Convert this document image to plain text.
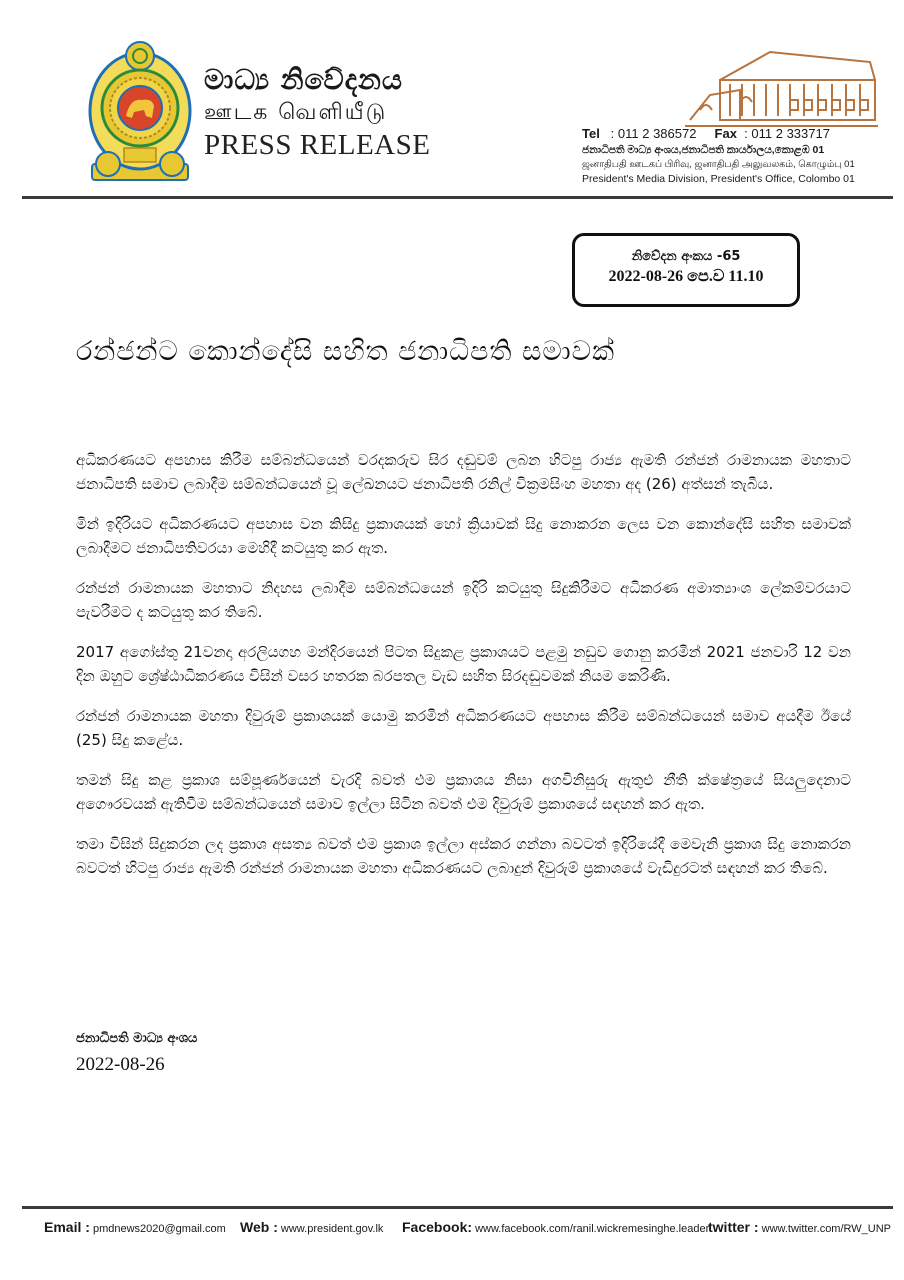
මාධ්‍ය නිවේදනය
ஊடக வெளியீடு
PRESS RELEASE	Tel : 011 2 386572 Fax : 011 2 333717
ජනාධිපති මාධ්‍ය අංශය,ජනාධිපති කාර්යාලය,කොළඹ 01
ஜனாதிபதி ஊடகப் பிரிவு, ஜனாதிபதி அலுவலகம், கொழும்பு 01
President's Media Division, President's Office, Colombo 01
නිවේදන අංකය -65
2022-08-26 පෙ.ව 11.10
රන්ජන්ට කොන්දේසි සහිත ජනාධිපති සමාවක්

අධිකරණයට අපහාස කිරීම සම්බන්ධයෙන් වරදකරුව සිර දඬුවම් ලබන හිටපු රාජ්‍ය ඇමති රන්ජන් රාමනායක මහතාට ජනාධිපති සමාව ලබාදීම සම්බන්ධයෙන් වූ ලේඛනයට ජනාධිපති රනිල් වික්‍රමසිංහ මහතා අද (26) අත්සන් තැබීය.

මින් ඉදිරියට අධිකරණයට අපහාස වන කිසිදු ප්‍රකාශයක් හෝ ක්‍රියාවක් සිදු නොකරන ලෙස වන කොන්දේසි සහිත සමාවක් ලබාදීමට ජනාධිපතිවරයා මෙහිදී කටයුතු කර ඇත.

රන්ජන් රාමනායක මහතාට නිදහස ලබාදීම සම්බන්ධයෙන් ඉදිරි කටයුතු සිදුකිරීමට අධිකරණ අමාත්‍යාංශ ලේකම්වරයාට පැවරීමට ද කටයුතු කර තිබේ.

2017 අගෝස්තු 21වනදා අරලියගහ මන්දිරයෙන් පිටත සිදුකළ ප්‍රකාශයට පළමු නඩුව ගොනු කරමින් 2021 ජනවාරි 12 වන දින ඔහුට ශ්‍රේෂ්ඨාධිකරණය විසින් වසර හතරක බරපතල වැඩ සහිත සිරදඬුවමක් නියම කෙරිණි.

රන්ජන් රාමනායක මහතා දිවුරුම් ප්‍රකාශයක් යොමු කරමින් අධිකරණයට අපහාස කිරීම සම්බන්ධයෙන් සමාව අයදීම ඊයේ (25) සිදු කළේය.

තමන් සිදු කළ ප්‍රකාශ සම්පූර්ණයෙන් වැරදි බවත් එම ප්‍රකාශය නිසා අගවිනිසුරු ඇතුළු නීති ක්ෂේත්‍රයේ සියලුදෙනාට අගෞරවයක් ඇතිවීම සම්බන්ධයෙන් සමාව ඉල්ලා සිටින බවත් එම දිවුරුම් ප්‍රකාශයේ සඳහන් කර ඇත.

තමා විසින් සිදුකරන ලද ප්‍රකාශ අසත්‍ය බවත් එම ප්‍රකාශ ඉල්ලා අස්කර ගන්නා බවටත් ඉදිරියේදී මෙවැනි ප්‍රකාශ සිදු නොකරන බවටත් හිටපු රාජ්‍ය ඇමති රන්ජන් රාමනායක මහතා අධිකරණයට ලබාදුන් දිවුරුම් ප්‍රකාශයේ වැඩිදුරටත් සඳහන් කර තිබේ.

ජනාධිපති මාධ්‍ය අංශය
2022-08-26
Email : pmdnews2020@gmail.com Web : www.president.gov.lk Facebook: www.facebook.com/ranil.wickremesinghe.leader
twitter : www.twitter.com/RW_UNP
